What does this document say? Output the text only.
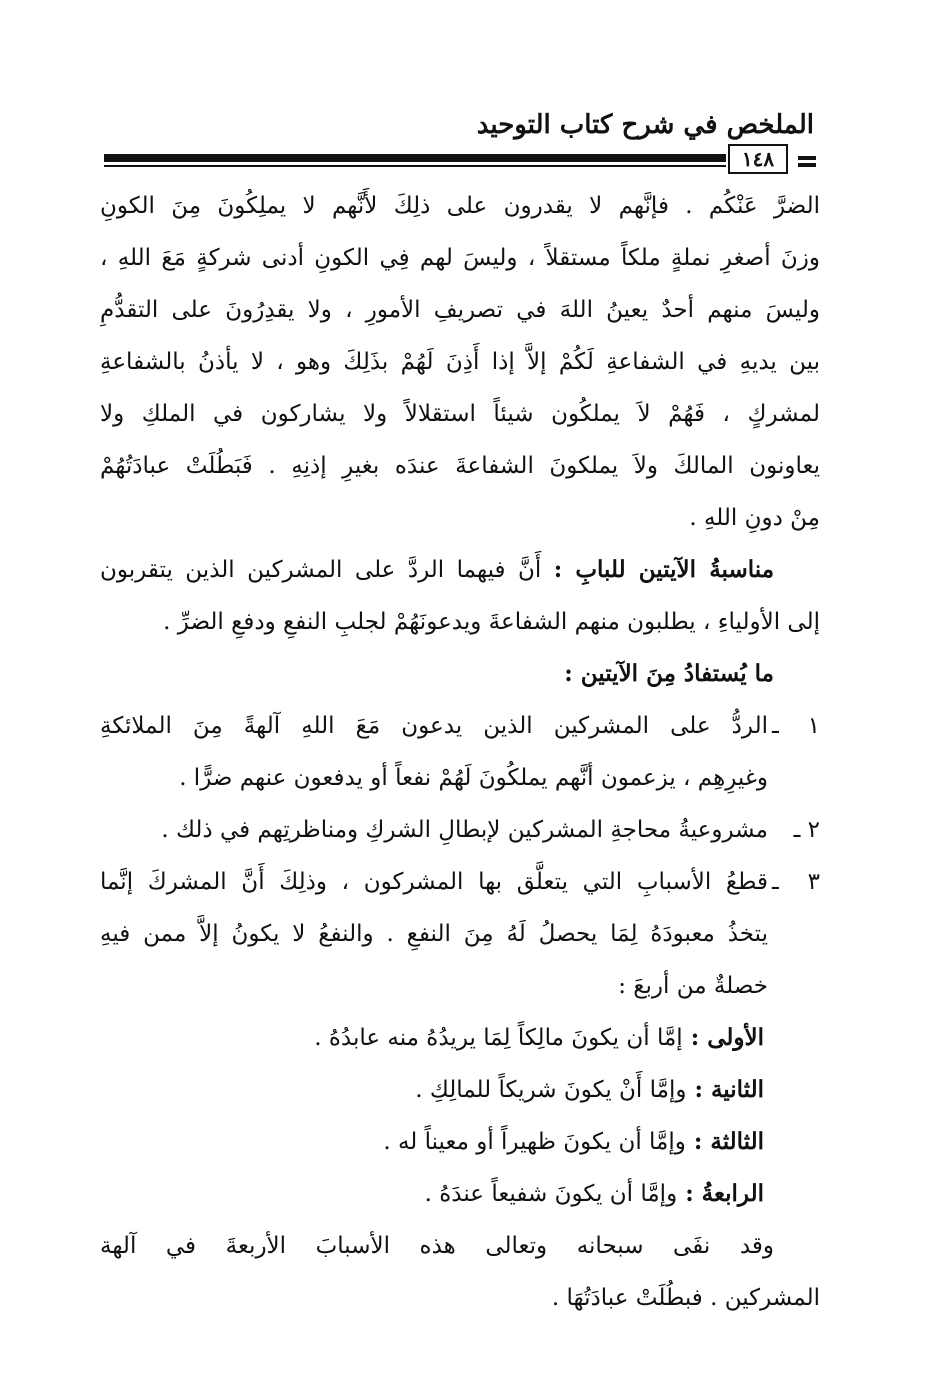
الملخص في شرح كتاب التوحيد
١٤٨
الضرَّ عَنْكُم . فإنَّهم لا يقدرون على ذلِكَ لأَنَّهم لا يملِكُونَ مِنَ الكونِ
وزنَ أصغرِ نملةٍ ملكاً مستقلاً ، وليسَ لهم فِي الكونِ أدنى شركةٍ مَعَ اللهِ ،
وليسَ منهم أحدٌ يعينُ اللهَ في تصريفِ الأمورِ ، ولا يقدِرُونَ على التقدُّمِ
بين يديهِ في الشفاعةِ لَكُمْ إلاَّ إذا أَذِنَ لَهُمْ بذَلِكَ وهو ، لا يأذنُ بالشفاعةِ
لمشركٍ ، فَهُمْ لاَ يملكُون شيئاً استقلالاً ولا يشاركون في الملكِ ولا
يعاونون المالكَ ولاَ يملكونَ الشفاعةَ عندَه بغيرِ إذنِهِ . فَبَطُلَتْ عبادَتُهُمْ
مِنْ دونِ اللهِ .
مناسبةُ الآيتين للبابِ : أَنَّ فيهما الردَّ على المشركين الذين يتقربون
إلى الأولياءِ ، يطلبون منهم الشفاعةَ ويدعونَهُمْ لجلبِ النفعِ ودفعِ الضرِّ .
ما يُستفادُ مِنَ الآيتين :
١ ـ
الردُّ على المشركين الذين يدعون مَعَ اللهِ آلهةً مِنَ الملائكةِ
وغيرِهِم ، يزعمون أنَّهم يملكُونَ لَهُمْ نفعاً أو يدفعون عنهم ضرًّا .
٢ ـ
مشروعيةُ محاجةِ المشركين لإبطالِ الشركِ ومناظرتِهم في ذلك .
٣ ـ
قطعُ الأسبابِ التي يتعلَّق بها المشركون ، وذلِكَ أَنَّ المشركَ إنَّما
يتخذُ معبودَهُ لِمَا يحصلُ لَهُ مِنَ النفعِ . والنفعُ لا يكونُ إلاَّ ممن فيهِ
خصلةٌ من أربعَ :
الأولى :إمَّا أن يكونَ مالِكاً لِمَا يريدُهُ منه عابدُهُ .
الثانية :وإمَّا أَنْ يكونَ شريكاً للمالِكِ .
الثالثة :وإمَّا أن يكونَ ظهيراً أو معيناً له .
الرابعةُ :وإمَّا أن يكونَ شفيعاً عندَهُ .
وقد نفَى سبحانه وتعالى هذه الأسبابَ الأربعةَ في آلهة
المشركين . فبطُلَتْ عبادَتُهَا .
